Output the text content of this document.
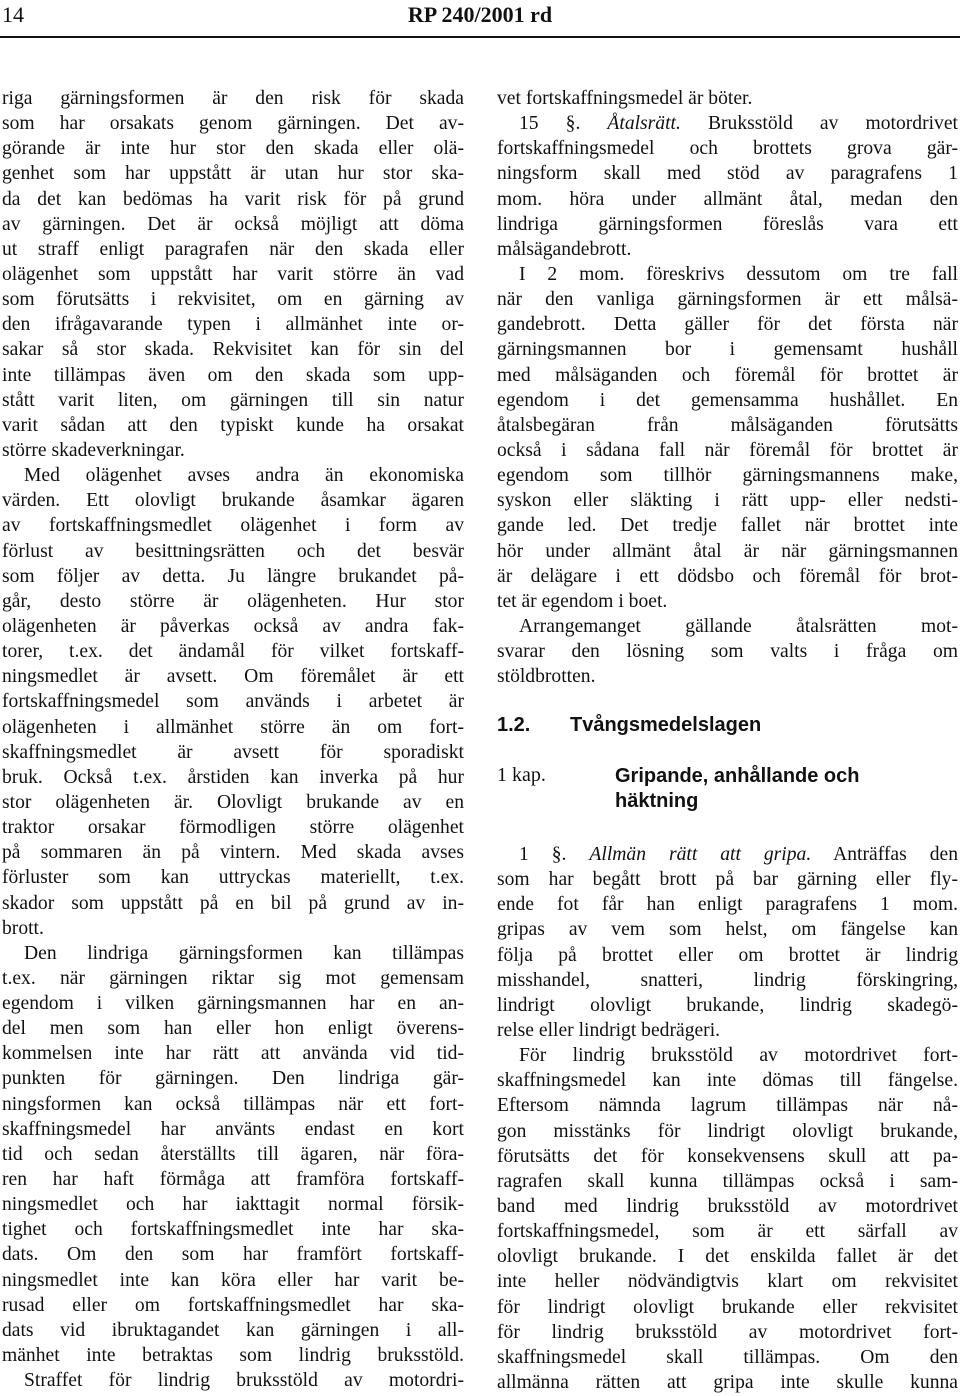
14	RP 240/2001 rd
riga gärningsformen är den risk för skada
som har orsakats genom gärningen. Det av-
görande är inte hur stor den skada eller olä-
genhet som har uppstått är utan hur stor ska-
da det kan bedömas ha varit risk för på grund
av gärningen. Det är också möjligt att döma
ut straff enligt paragrafen när den skada eller
olägenhet som uppstått har varit större än vad
som förutsätts i rekvisitet, om en gärning av
den ifrågavarande typen i allmänhet inte or-
sakar så stor skada. Rekvisitet kan för sin del
inte tillämpas även om den skada som upp-
stått varit liten, om gärningen till sin natur
varit sådan att den typiskt kunde ha orsakat
större skadeverkningar.
Med olägenhet avses andra än ekonomiska
värden. Ett olovligt brukande åsamkar ägaren
av fortskaffningsmedlet olägenhet i form av
förlust av besittningsrätten och det besvär
som följer av detta. Ju längre brukandet på-
går, desto större är olägenheten. Hur stor
olägenheten är påverkas också av andra fak-
torer, t.ex. det ändamål för vilket fortskaff-
ningsmedlet är avsett. Om föremålet är ett
fortskaffningsmedel som används i arbetet är
olägenheten i allmänhet större än om fort-
skaffningsmedlet är avsett för sporadiskt
bruk. Också t.ex. årstiden kan inverka på hur
stor olägenheten är. Olovligt brukande av en
traktor orsakar förmodligen större olägenhet
på sommaren än på vintern. Med skada avses
förluster som kan uttryckas materiellt, t.ex.
skador som uppstått på en bil på grund av in-
brott.
Den lindriga gärningsformen kan tillämpas
t.ex. när gärningen riktar sig mot gemensam
egendom i vilken gärningsmannen har en an-
del men som han eller hon enligt överens-
kommelsen inte har rätt att använda vid tid-
punkten för gärningen. Den lindriga gär-
ningsformen kan också tillämpas när ett fort-
skaffningsmedel har använts endast en kort
tid och sedan återställts till ägaren, när föra-
ren har haft förmåga att framföra fortskaff-
ningsmedlet och har iakttagit normal försik-
tighet och fortskaffningsmedlet inte har ska-
dats. Om den som har framfört fortskaff-
ningsmedlet inte kan köra eller har varit be-
rusad eller om fortskaffningsmedlet har ska-
dats vid ibruktagandet kan gärningen i all-
mänhet inte betraktas som lindrig bruksstöld.
Straffet för lindrig bruksstöld av motordri-
vet fortskaffningsmedel är böter.
15 §. Åtalsrätt. Bruksstöld av motordrivet
fortskaffningsmedel och brottets grova gär-
ningsform skall med stöd av paragrafens 1
mom. höra under allmänt åtal, medan den
lindriga gärningsformen föreslås vara ett
målsägandebrott.
I 2 mom. föreskrivs dessutom om tre fall
när den vanliga gärningsformen är ett målsä-
gandebrott. Detta gäller för det första när
gärningsmannen bor i gemensamt hushåll
med målsäganden och föremål för brottet är
egendom i det gemensamma hushållet. En
åtalsbegäran från målsäganden förutsätts
också i sådana fall när föremål för brottet är
egendom som tillhör gärningsmannens make,
syskon eller släkting i rätt upp- eller nedsti-
gande led. Det tredje fallet när brottet inte
hör under allmänt åtal är när gärningsmannen
är delägare i ett dödsbo och föremål för brot-
tet är egendom i boet.
Arrangemanget gällande åtalsrätten mot-
svarar den lösning som valts i fråga om
stöldbrotten.
1.2. Tvångsmedelslagen
1 kap.	Gripande, anhållande och
häktning
1 §. Allmän rätt att gripa. Anträffas den
som har begått brott på bar gärning eller fly-
ende fot får han enligt paragrafens 1 mom.
gripas av vem som helst, om fängelse kan
följa på brottet eller om brottet är lindrig
misshandel, snatteri, lindrig förskingring,
lindrigt olovligt brukande, lindrig skadegö-
relse eller lindrigt bedrägeri.
För lindrig bruksstöld av motordrivet fort-
skaffningsmedel kan inte dömas till fängelse.
Eftersom nämnda lagrum tillämpas när nå-
gon misstänks för lindrigt olovligt brukande,
förutsätts det för konsekvensens skull att pa-
ragrafen skall kunna tillämpas också i sam-
band med lindrig bruksstöld av motordrivet
fortskaffningsmedel, som är ett särfall av
olovligt brukande. I det enskilda fallet är det
inte heller nödvändigtvis klart om rekvisitet
för lindrigt olovligt brukande eller rekvisitet
för lindrig bruksstöld av motordrivet fort-
skaffningsmedel skall tillämpas. Om den
allmänna rätten att gripa inte skulle kunna
